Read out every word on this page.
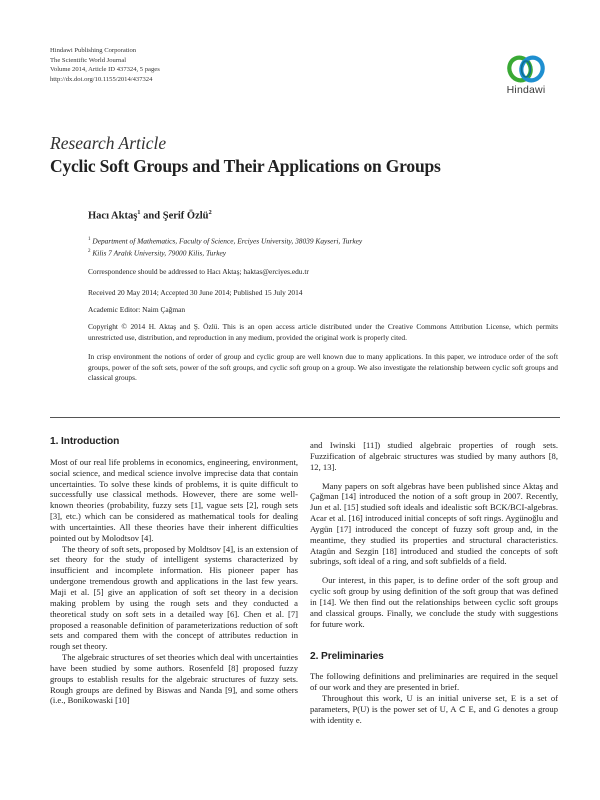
Hindawi Publishing Corporation
The Scientific World Journal
Volume 2014, Article ID 437324, 5 pages
http://dx.doi.org/10.1155/2014/437324
Hindawi
Research Article
Cyclic Soft Groups and Their Applications on Groups
Hacı Aktaş$^1$ and Şerif Özlü$^2$
$^1$ Department of Mathematics, Faculty of Science, Erciyes University, 38039 Kayseri, Turkey
$^2$ Kilis 7 Aralık University, 79000 Kilis, Turkey
Correspondence should be addressed to Hacı Aktaş; haktas@erciyes.edu.tr
Received 20 May 2014; Accepted 30 June 2014; Published 15 July 2014
Academic Editor: Naim Çağman
Copyright © 2014 H. Aktaş and Ş. Özlü. This is an open access article distributed under the Creative Commons Attribution License, which permits unrestricted use, distribution, and reproduction in any medium, provided the original work is properly cited.
In crisp environment the notions of order of group and cyclic group are well known due to many applications. In this paper, we introduce order of the soft groups, power of the soft sets, power of the soft groups, and cyclic soft group on a group. We also investigate the relationship between cyclic soft groups and classical groups.
1. Introduction

Most of our real life problems in economics, engineering, environment, social science, and medical science involve imprecise data that contain uncertainties. To solve these kinds of problems, it is quite difficult to successfully use classical methods. However, there are some well-known theories (probability, fuzzy sets [1], vague sets [2], rough sets [3], etc.) which can be considered as mathematical tools for dealing with uncertainties. All these theories have their inherent difficulties pointed out by Molodtsov [4].

The theory of soft sets, proposed by Moldtsov [4], is an extension of set theory for the study of intelligent systems characterized by insufficient and incomplete information. His pioneer paper has undergone tremendous growth and applications in the last few years. Maji et al. [5] give an application of soft set theory in a decision making problem by using the rough sets and they conducted a theoretical study on soft sets in a detailed way [6]. Chen et al. [7] proposed a reasonable definition of parameterizations reduction of soft sets and compared them with the concept of attributes reduction in rough set theory.

The algebraic structures of set theories which deal with uncertainties have been studied by some authors. Rosenfeld [8] proposed fuzzy groups to establish results for the algebraic structures of fuzzy sets. Rough groups are defined by Biswas and Nanda [9], and some others (i.e., Bonikowaski [10]

and Iwinski [11]) studied algebraic properties of rough sets. Fuzzification of algebraic structures was studied by many authors [8, 12, 13].

Many papers on soft algebras have been published since Aktaş and Çağman [14] introduced the notion of a soft group in 2007. Recently, Jun et al. [15] studied soft ideals and idealistic soft BCK/BCI-algebras. Acar et al. [16] introduced initial concepts of soft rings. Aygünoğlu and Aygün [17] introduced the concept of fuzzy soft group and, in the meantime, they studied its properties and structural characteristics. Atagün and Sezgin [18] introduced and studied the concepts of soft subrings, soft ideal of a ring, and soft subfields of a field.

Our interest, in this paper, is to define order of the soft group and cyclic soft group by using definition of the soft group that was defined in [14]. We then find out the relationships between cyclic soft groups and classical groups. Finally, we conclude the study with suggestions for future work.

2. Preliminaries

The following definitions and preliminaries are required in the sequel of our work and they are presented in brief.

Throughout this work, U is an initial universe set, E is a set of parameters, P(U) is the power set of U, A ⊂ E, and G denotes a group with identity e.
